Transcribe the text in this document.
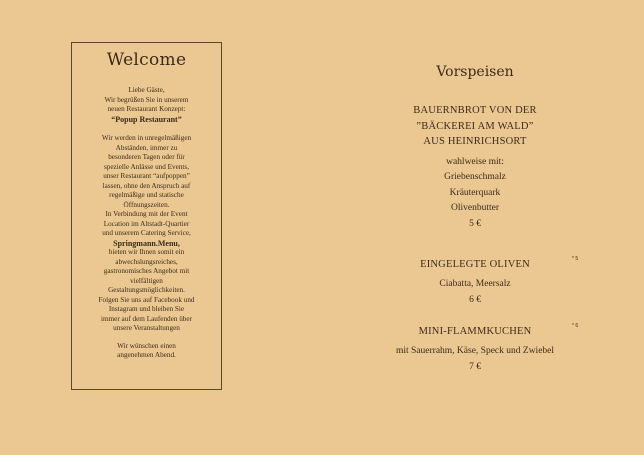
Welcome
Liebe Gäste,
Wir begrüßen Sie in unserem
neuen Restaurant Konzept:
“Popup Restaurant”
Wir werden in unregelmäßigen
Abständen, immer zu
besonderen Tagen oder für
spezielle Anlässe und Events,
unser Restaurant “aufpoppen”
lassen, ohne den Anspruch auf
regelmäßige und statische
Öffnungszeiten.
In Verbindung mit der Event
Location im Altstadt-Quartier
und unserem Catering Service,
Springmann.Menu,
bieten wir Ihnen somit ein
abwechslungsreiches,
gastronomisches Angebot mit
vielfältigen
Gestaltungsmöglichkeiten.
Folgen Sie uns auf Facebook und
Instagram und bleiben Sie
immer auf dem Laufenden über
unsere Veranstaltungen
Wir wünschen einen
angenehmen Abend.
Vorspeisen
BAUERNBROT VON DER
”BÄCKEREI AM WALD”
AUS HEINRICHSORT
wahlweise mit:
Griebenschmalz
Kräuterquark
Olivenbutter
5 €
EINGELEGTE OLIVEN
Ciabatta, Meersalz
6 €
* 5
MINI-FLAMMKUCHEN
mit Sauerrahm, Käse, Speck und Zwiebel
7 €
* 6
